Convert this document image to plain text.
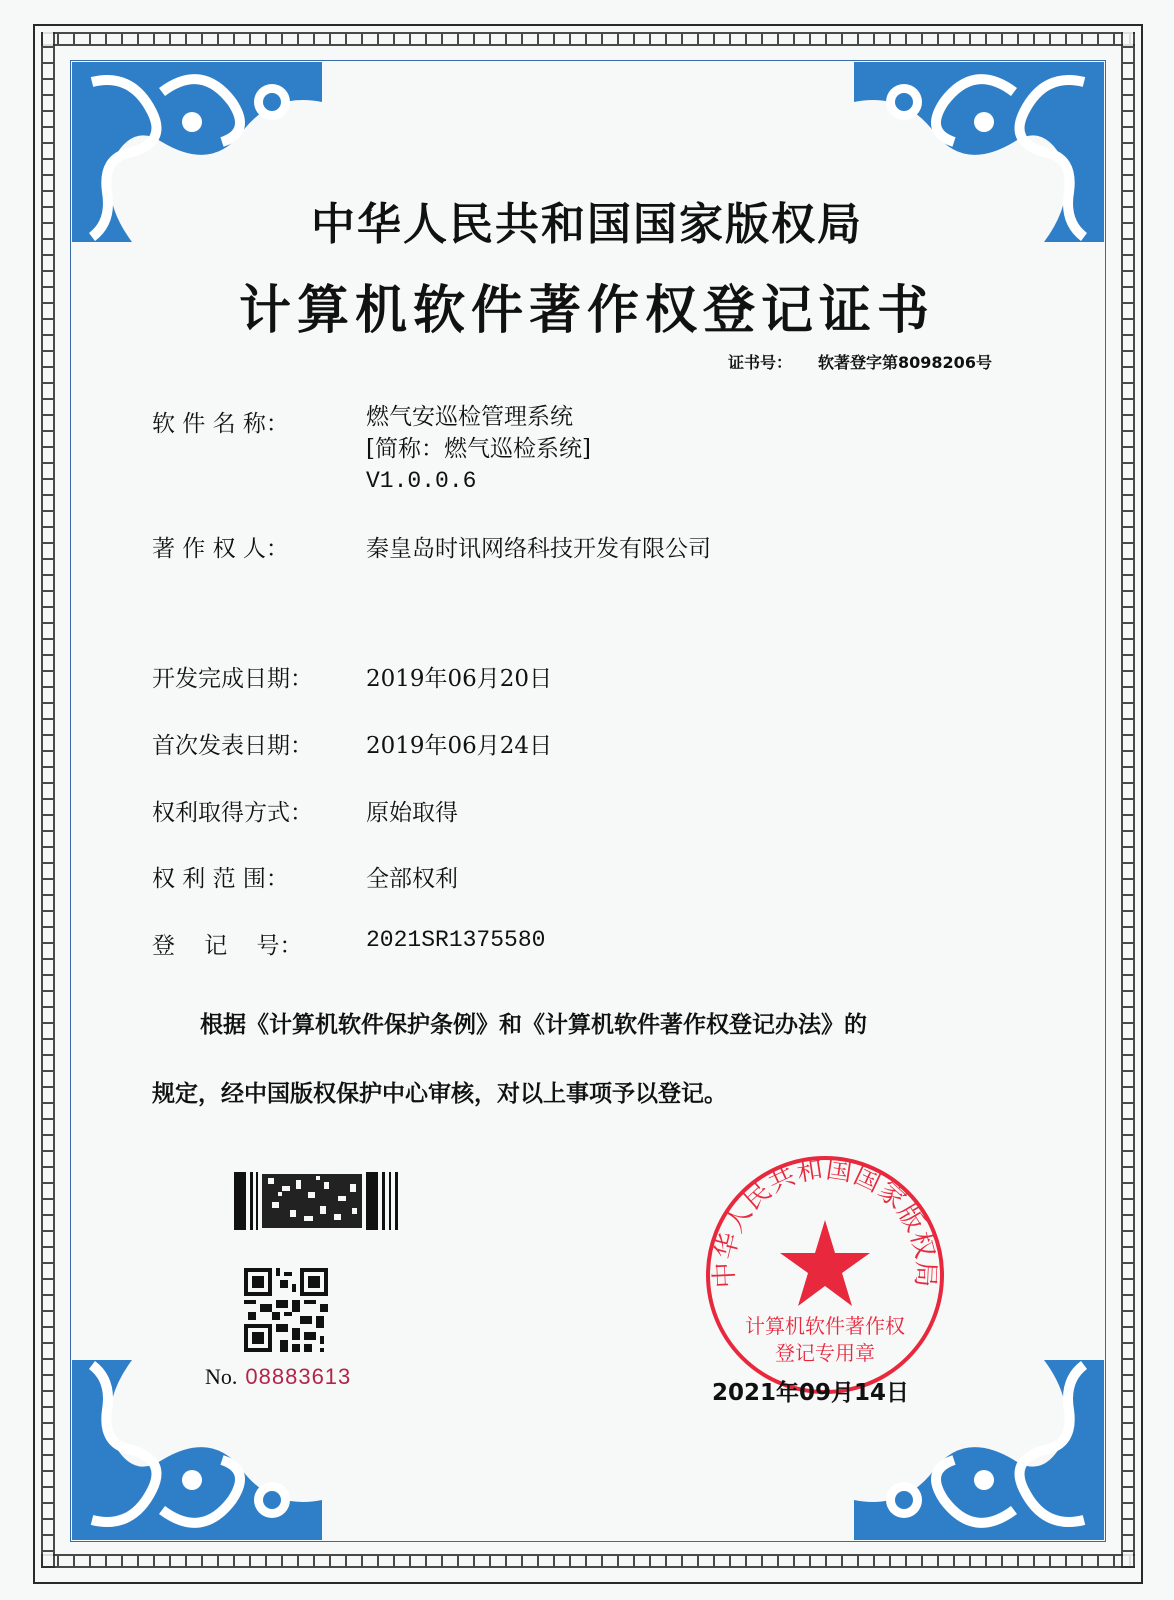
中华人民共和国国家版权局
计算机软件著作权登记证书
证书号： 软著登字第8098206号
软 件 名 称：	燃气安巡检管理系统
[简称：燃气巡检系统]
V1.0.0.6
著 作 权 人：	秦皇岛时讯网络科技开发有限公司
开发完成日期： 2019年06月20日
首次发表日期： 2019年06月24日
权利取得方式： 原始取得
权 利 范 围：	全部权利
登    记    号：	2021SR1375580
根据《计算机软件保护条例》和《计算机软件著作权登记办法》的
规定，经中国版权保护中心审核，对以上事项予以登记。
No. 08883613
中华人民共和国国家版权局
计算机软件著作权
登记专用章
2021年09月14日
